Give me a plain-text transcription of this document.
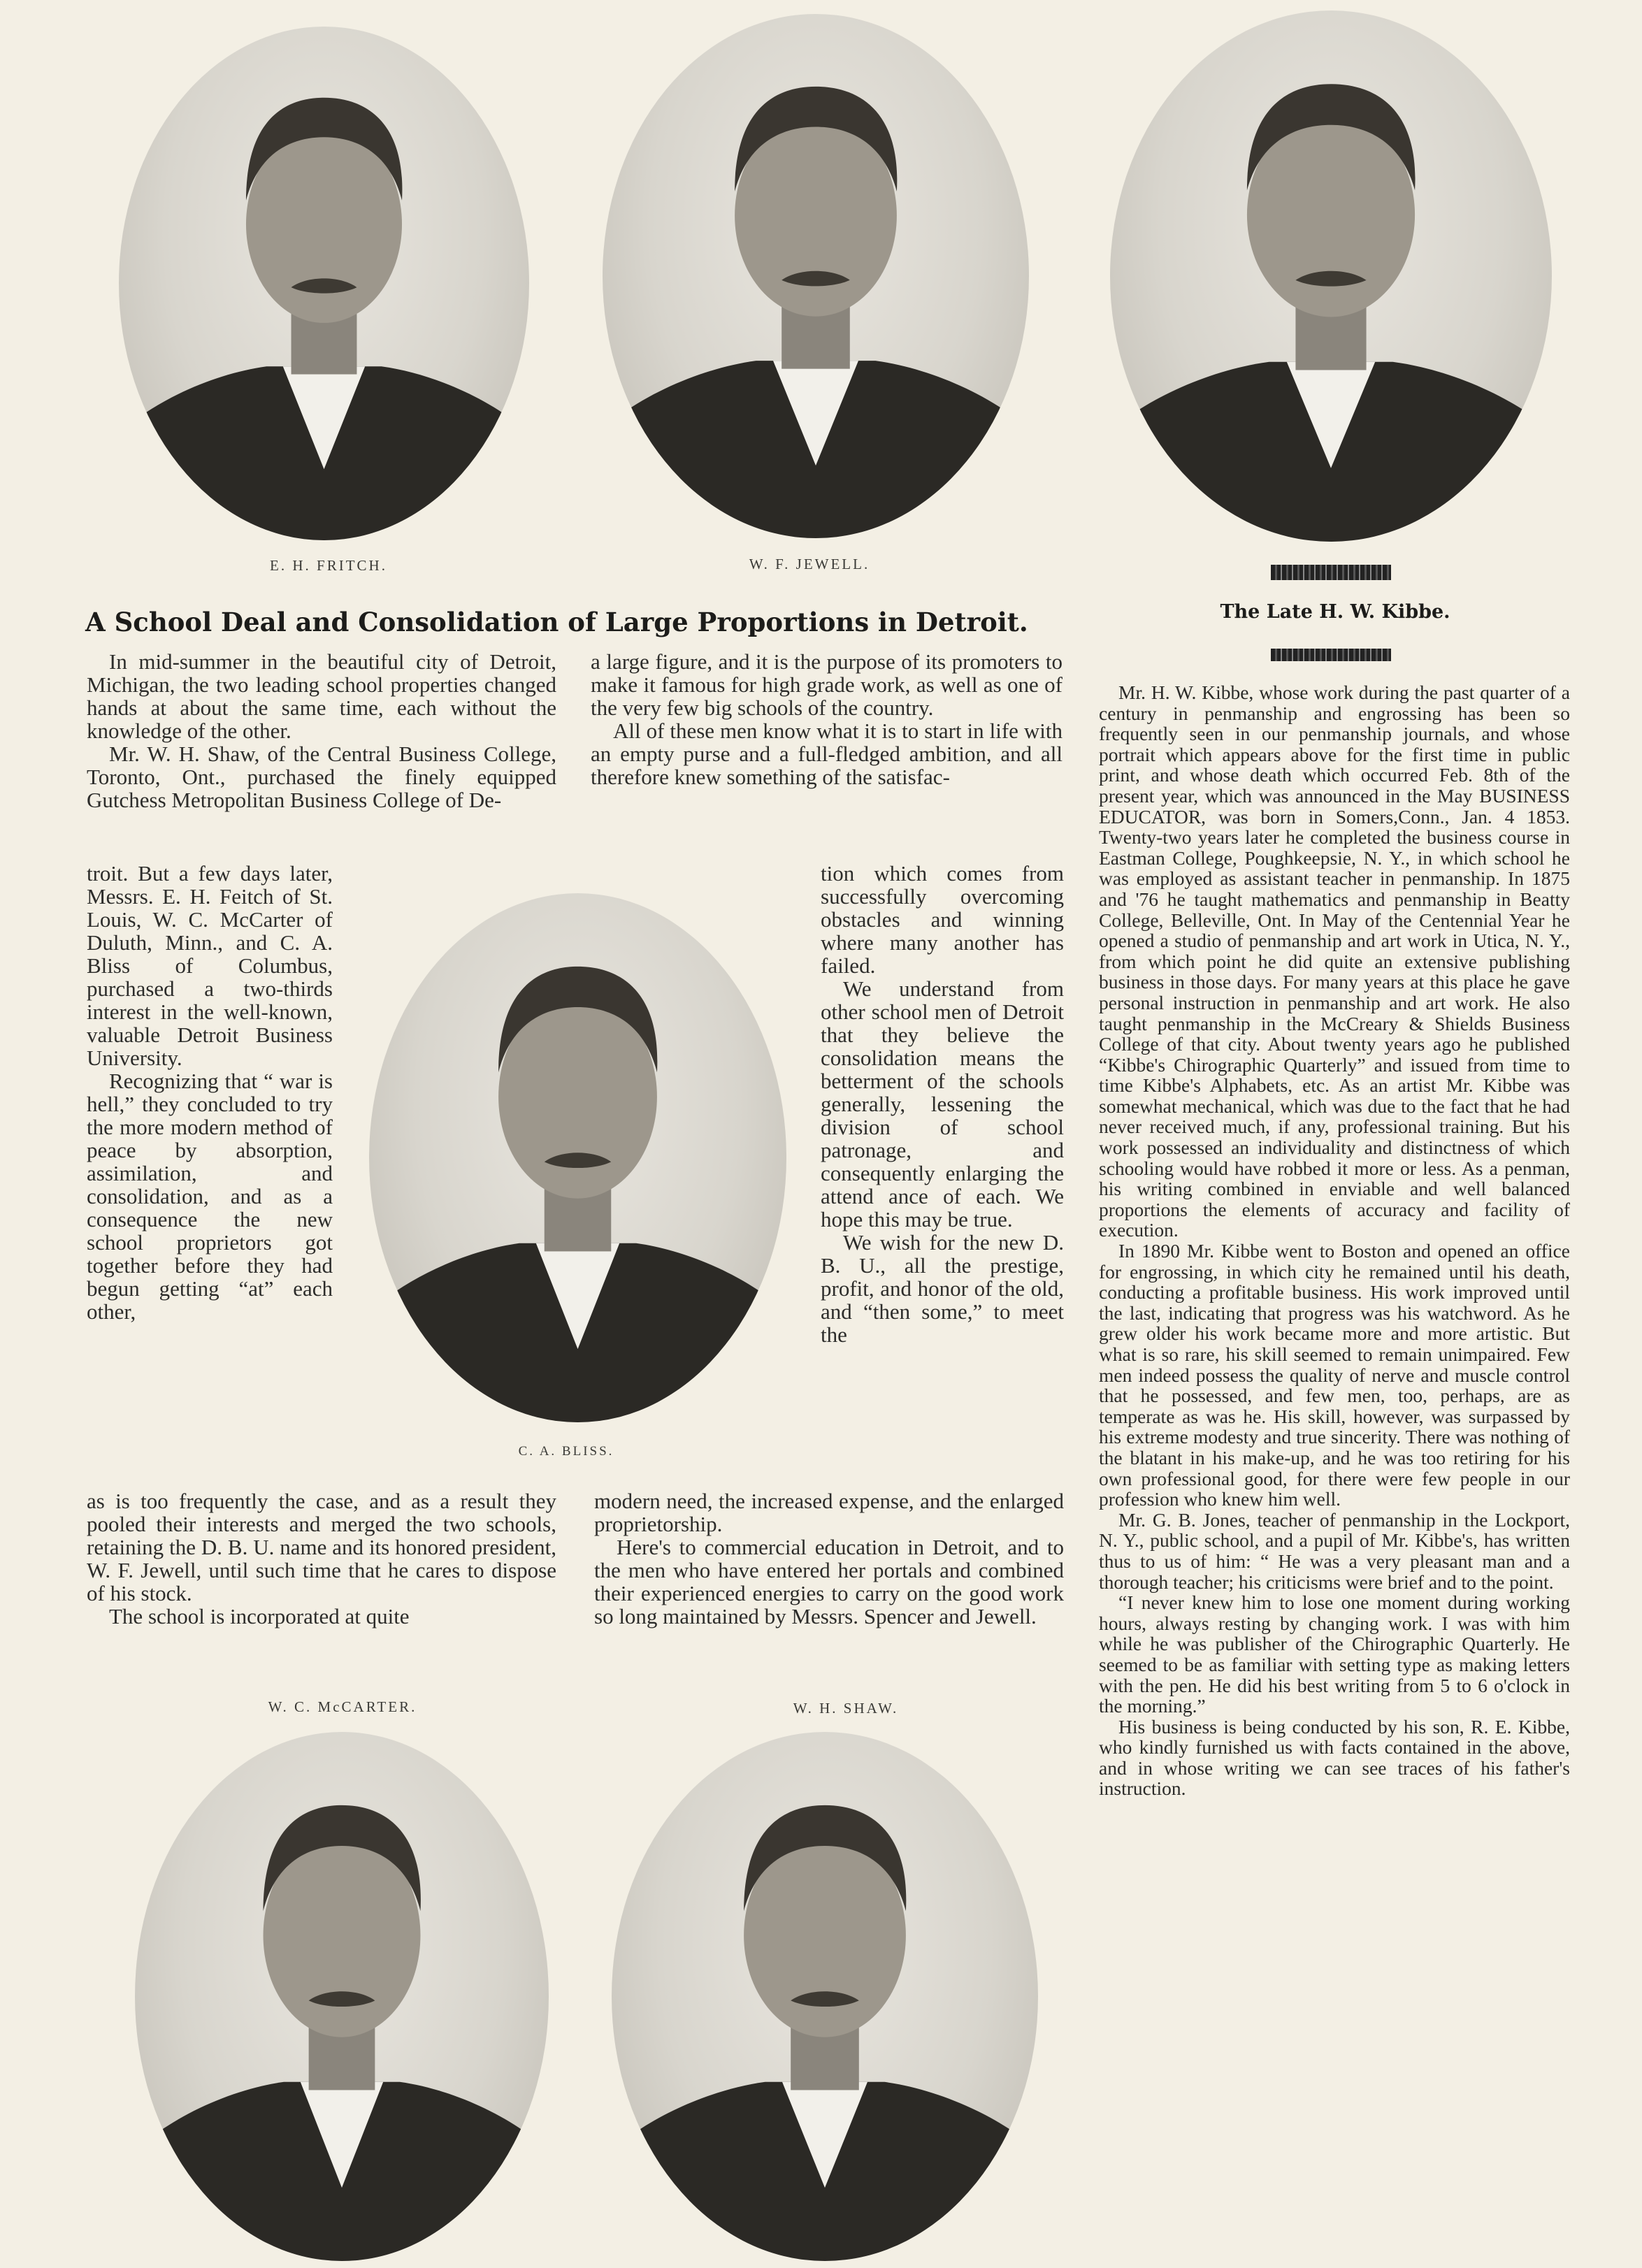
E. H. FRITCH.	W. F. JEWELL.
A School Deal and Consolidation of Large Proportions in Detroit.	The Late H. W. Kibbe.

In mid-summer in the beautiful city of Detroit, Michigan, the two leading school properties changed hands at about the same time, each without the knowledge of the other.

Mr. W. H. Shaw, of the Central Business College, Toronto, Ont., purchased the finely equipped Gutchess Metropolitan Business College of De-

troit. But a few days later, Messrs. E. H. Feitch of St. Louis, W. C. McCarter of Duluth, Minn., and C. A. Bliss of Columbus, purchased a two-thirds interest in the well-known, valuable Detroit Business University.

Recognizing that “ war is hell,” they concluded to try the more modern method of peace by absorption, assimilation, and consolidation, and as a consequence the new school proprietors got together before they had begun getting “at” each other,

as is too frequently the case, and as a result they pooled their interests and merged the two schools, retaining the D. B. U. name and its honored president, W. F. Jewell, until such time that he cares to dispose of his stock.

The school is incorporated at quite

C. A. BLISS.

a large figure, and it is the purpose of its promoters to make it famous for high grade work, as well as one of the very few big schools of the country.

All of these men know what it is to start in life with an empty purse and a full-fledged ambition, and all therefore knew something of the satisfac-

tion which comes from successfully overcoming obstacles and winning where many another has failed.

We understand from other school men of Detroit that they believe the consolidation means the betterment of the schools generally, lessening the division of school patronage, and consequently enlarging the attend ance of each. We hope this may be true.

We wish for the new D. B. U., all the prestige, profit, and honor of the old, and “then some,” to meet the

modern need, the increased expense, and the enlarged proprietorship.

Here's to commercial education in Detroit, and to the men who have entered her portals and combined their experienced energies to carry on the good work so long maintained by Messrs. Spencer and Jewell.

W. C. McCARTER.	W. H. SHAW.

Mr. H. W. Kibbe, whose work during the past quarter of a century in penmanship and engrossing has been so frequently seen in our penmanship journals, and whose portrait which appears above for the first time in public print, and whose death which occurred Feb. 8th of the present year, which was announced in the May BUSINESS EDUCATOR, was born in Somers,Conn., Jan. 4 1853. Twenty-two years later he completed the business course in Eastman College, Poughkeepsie, N. Y., in which school he was employed as assistant teacher in penmanship. In 1875 and '76 he taught mathematics and penmanship in Beatty College, Belleville, Ont. In May of the Centennial Year he opened a studio of penmanship and art work in Utica, N. Y., from which point he did quite an extensive publishing business in those days. For many years at this place he gave personal instruction in penmanship and art work. He also taught penmanship in the McCreary & Shields Business College of that city. About twenty years ago he published “Kibbe's Chirographic Quarterly” and issued from time to time Kibbe's Alphabets, etc. As an artist Mr. Kibbe was somewhat mechanical, which was due to the fact that he had never received much, if any, professional training. But his work possessed an individuality and distinctness of which schooling would have robbed it more or less. As a penman, his writing combined in enviable and well balanced proportions the elements of accuracy and facility of execution.

In 1890 Mr. Kibbe went to Boston and opened an office for engrossing, in which city he remained until his death, conducting a profitable business. His work improved until the last, indicating that progress was his watchword. As he grew older his work became more and more artistic. But what is so rare, his skill seemed to remain unimpaired. Few men indeed possess the quality of nerve and muscle control that he possessed, and few men, too, perhaps, are as temperate as was he. His skill, however, was surpassed by his extreme modesty and true sincerity. There was nothing of the blatant in his make-up, and he was too retiring for his own professional good, for there were few people in our profession who knew him well.

Mr. G. B. Jones, teacher of penmanship in the Lockport, N. Y., public school, and a pupil of Mr. Kibbe's, has written thus to us of him: “ He was a very pleasant man and a thorough teacher; his criticisms were brief and to the point.

“I never knew him to lose one moment during working hours, always resting by changing work. I was with him while he was publisher of the Chirographic Quarterly. He seemed to be as familiar with setting type as making letters with the pen. He did his best writing from 5 to 6 o'clock in the morning.”

His business is being conducted by his son, R. E. Kibbe, who kindly furnished us with facts contained in the above, and in whose writing we can see traces of his father's instruction.
